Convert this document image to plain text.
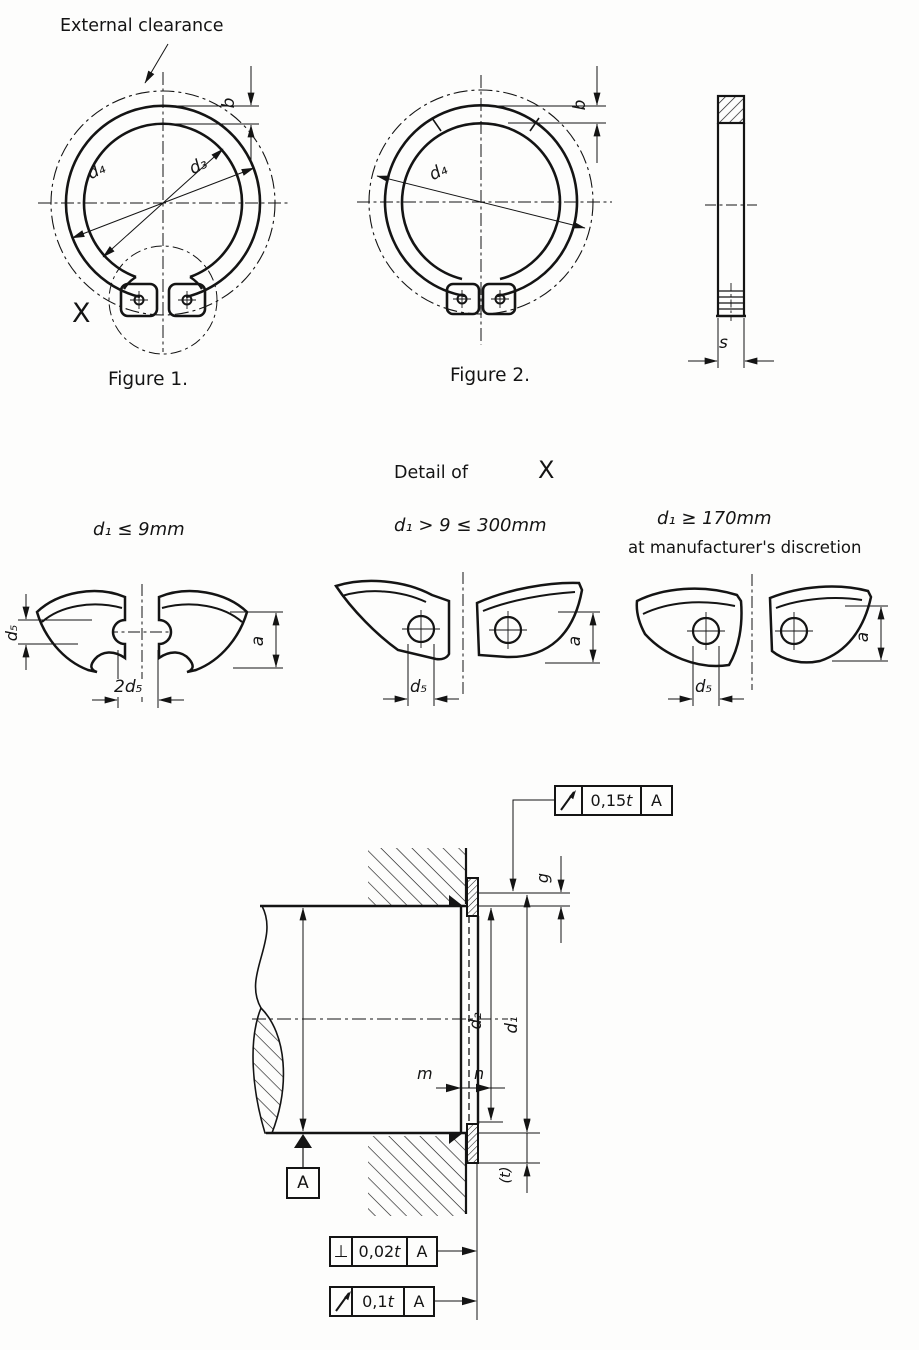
External clearance
b
d₄	d₃
X
Figure 1.
d₄
b
Figure 2.
s
Detail of	X
d₁ ≤ 9mm	d₁ > 9 ≤ 300mm	d₁ ≥ 170mm
at manufacturer's discretion
d₅
2d₅
a
d₅
a
d₅
a
g
d₂	d₁
m	n
(t)
A
0,15 t	A
⊥ 0,02 t	A
0,1 t	A
